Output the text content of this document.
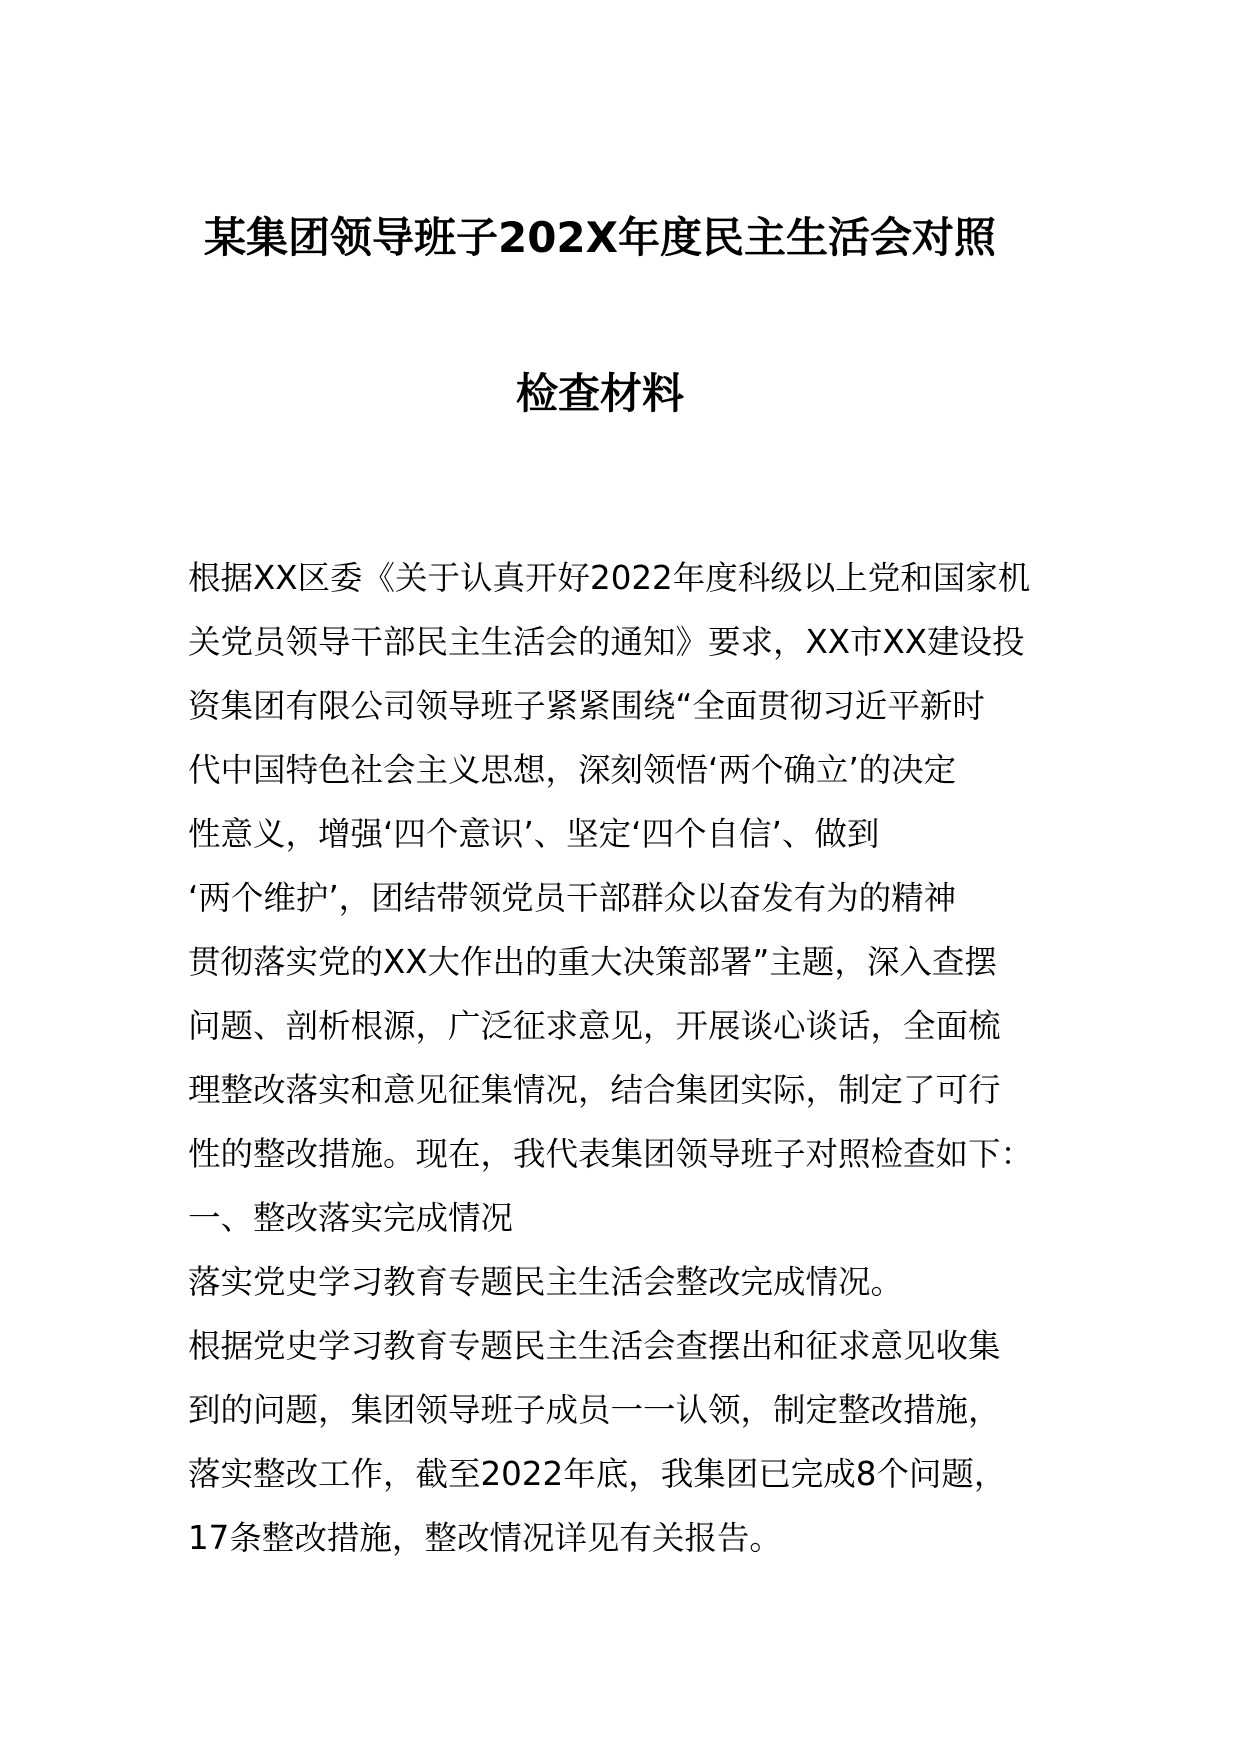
某集团领导班子202X年度民主生活会对照
检查材料
根据XX区委《关于认真开好2022年度科级以上党和国家机
关党员领导干部民主生活会的通知》要求，XX市XX建设投
资集团有限公司领导班子紧紧围绕“全面贯彻习近平新时
代中国特色社会主义思想，深刻领悟‘两个确立’的决定
性意义，增强‘四个意识’、坚定‘四个自信’、做到
‘两个维护’，团结带领党员干部群众以奋发有为的精神
贯彻落实党的XX大作出的重大决策部署”主题，深入查摆
问题、剖析根源，广泛征求意见，开展谈心谈话，全面梳
理整改落实和意见征集情况，结合集团实际，制定了可行
性的整改措施。现在，我代表集团领导班子对照检查如下：
一、整改落实完成情况
落实党史学习教育专题民主生活会整改完成情况。
根据党史学习教育专题民主生活会查摆出和征求意见收集
到的问题，集团领导班子成员一一认领，制定整改措施，
落实整改工作，截至2022年底，我集团已完成8个问题，
17条整改措施，整改情况详见有关报告。
